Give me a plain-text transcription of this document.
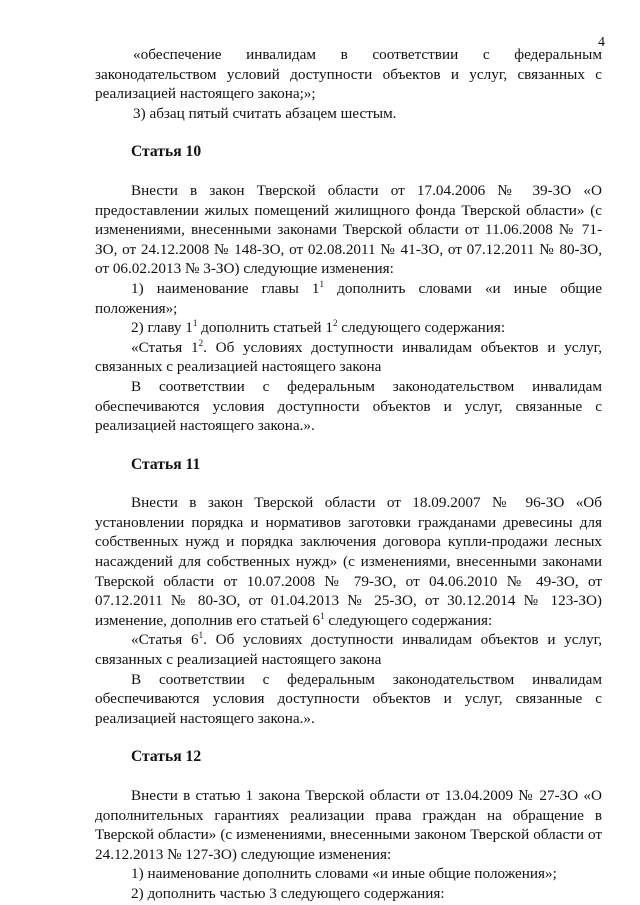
4

«обеспечение инвалидам в соответствии с федеральным законодательством условий доступности объектов и услуг, связанных с реализацией настоящего закона;»;

3) абзац пятый считать абзацем шестым.

Статья 10

Внести в закон Тверской области от 17.04.2006 № 39-ЗО «О предоставлении жилых помещений жилищного фонда Тверской области» (с изменениями, внесенными законами Тверской области от 11.06.2008 № 71-ЗО, от 24.12.2008 № 148-ЗО, от 02.08.2011 № 41-ЗО, от 07.12.2011 № 80-ЗО, от 06.02.2013 № 3-ЗО) следующие изменения:

1) наименование главы $1^1$ дополнить словами «и иные общие положения»;

2) главу $1^1$ дополнить статьей $1^2$ следующего содержания:

«Статья $1^2$. Об условиях доступности инвалидам объектов и услуг, связанных с реализацией настоящего закона

В соответствии с федеральным законодательством инвалидам обеспечиваются условия доступности объектов и услуг, связанные с реализацией настоящего закона.».

Статья 11

Внести в закон Тверской области от 18.09.2007 № 96-ЗО «Об установлении порядка и нормативов заготовки гражданами древесины для собственных нужд и порядка заключения договора купли-продажи лесных насаждений для собственных нужд» (с изменениями, внесенными законами Тверской области от 10.07.2008 № 79-ЗО, от 04.06.2010 № 49-ЗО, от 07.12.2011 № 80-ЗО, от 01.04.2013 № 25-ЗО, от 30.12.2014 № 123-ЗО) изменение, дополнив его статьей $6^1$ следующего содержания:

«Статья $6^1$. Об условиях доступности инвалидам объектов и услуг, связанных с реализацией настоящего закона

В соответствии с федеральным законодательством инвалидам обеспечиваются условия доступности объектов и услуг, связанные с реализацией настоящего закона.».

Статья 12

Внести в статью 1 закона Тверской области от 13.04.2009 № 27-ЗО «О дополнительных гарантиях реализации права граждан на обращение в Тверской области» (с изменениями, внесенными законом Тверской области от 24.12.2013 № 127-ЗО) следующие изменения:

1) наименование дополнить словами «и иные общие положения»;

2) дополнить частью 3 следующего содержания:
